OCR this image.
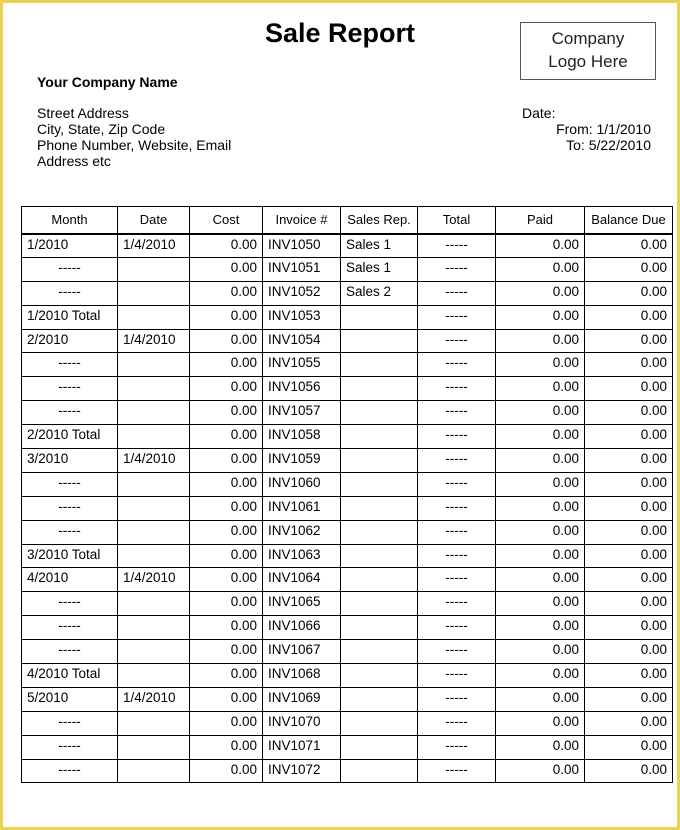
Sale Report	Company
Logo Here

Your Company Name

Street Address
City, State, Zip Code
Phone Number, Website, Email
Address etc
Date:
From: 1/1/2010
To: 5/22/2010
Month	Date	Cost	Invoice #	Sales Rep.	Total	Paid	Balance Due
1/2010	1/4/2010	0.00	INV1050	Sales 1	-----	0.00	0.00
-----		0.00	INV1051	Sales 1	-----	0.00	0.00
-----		0.00	INV1052	Sales 2	-----	0.00	0.00
1/2010 Total		0.00	INV1053		-----	0.00	0.00
2/2010	1/4/2010	0.00	INV1054		-----	0.00	0.00
-----		0.00	INV1055		-----	0.00	0.00
-----		0.00	INV1056		-----	0.00	0.00
-----		0.00	INV1057		-----	0.00	0.00
2/2010 Total		0.00	INV1058		-----	0.00	0.00
3/2010	1/4/2010	0.00	INV1059		-----	0.00	0.00
-----		0.00	INV1060		-----	0.00	0.00
-----		0.00	INV1061		-----	0.00	0.00
-----		0.00	INV1062		-----	0.00	0.00
3/2010 Total		0.00	INV1063		-----	0.00	0.00
4/2010	1/4/2010	0.00	INV1064		-----	0.00	0.00
-----		0.00	INV1065		-----	0.00	0.00
-----		0.00	INV1066		-----	0.00	0.00
-----		0.00	INV1067		-----	0.00	0.00
4/2010 Total		0.00	INV1068		-----	0.00	0.00
5/2010	1/4/2010	0.00	INV1069		-----	0.00	0.00
-----		0.00	INV1070		-----	0.00	0.00
-----		0.00	INV1071		-----	0.00	0.00
-----		0.00	INV1072		-----	0.00	0.00
